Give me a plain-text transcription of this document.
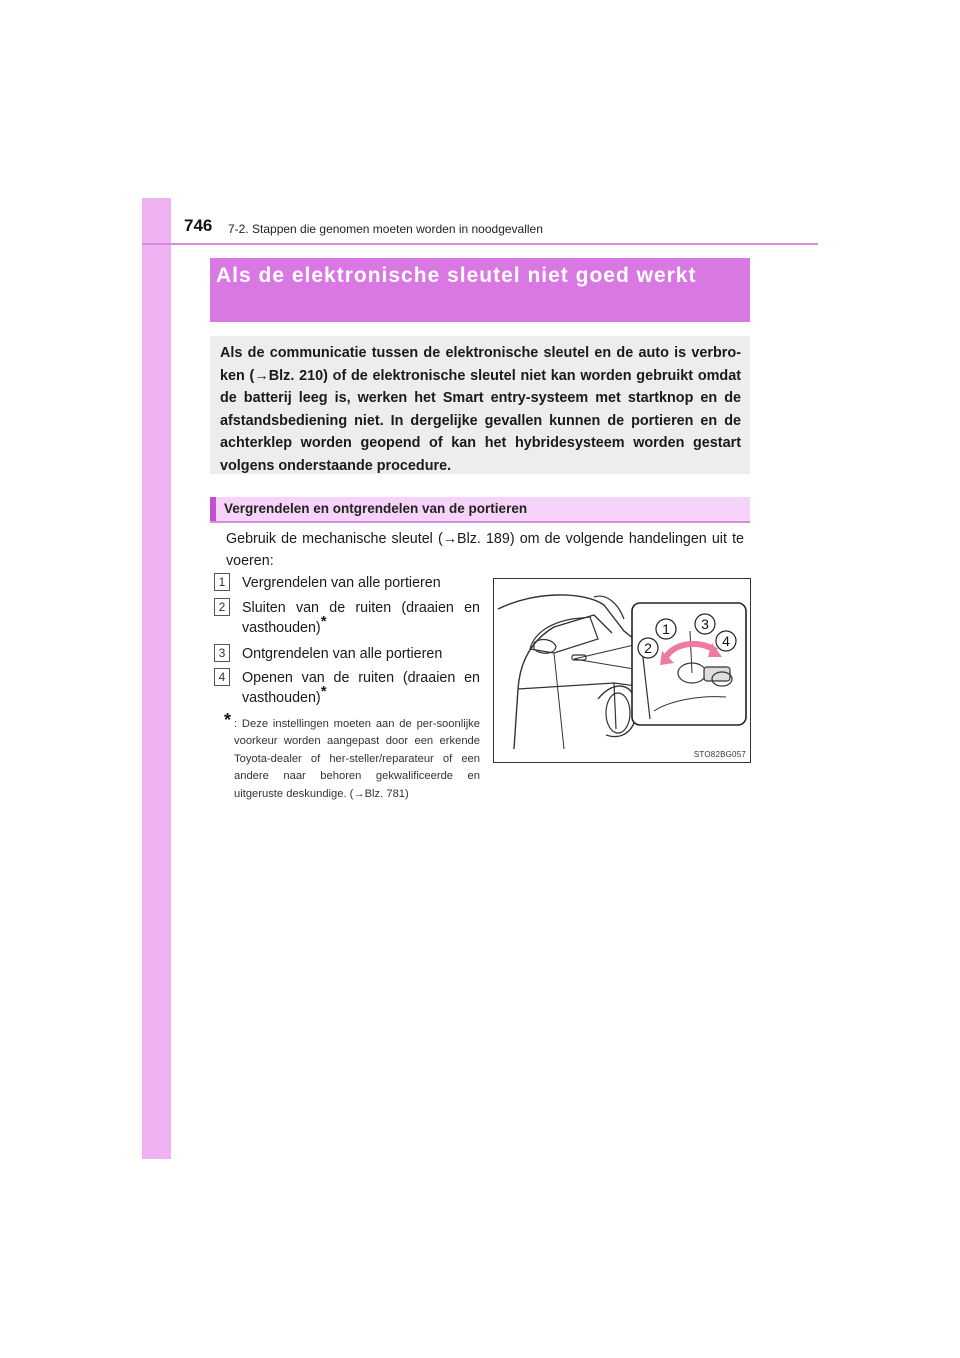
746 7-2. Stappen die genomen moeten worden in noodgevallen
Als de elektronische sleutel niet goed werkt
Als de communicatie tussen de elektronische sleutel en de auto is verbro-ken (→Blz. 210) of de elektronische sleutel niet kan worden gebruikt omdat de batterij leeg is, werken het Smart entry-systeem met startknop en de afstandsbediening niet. In dergelijke gevallen kunnen de portieren en de achterklep worden geopend of kan het hybridesysteem worden gestart volgens onderstaande procedure.
Vergrendelen en ontgrendelen van de portieren
Gebruik de mechanische sleutel (→Blz. 189) om de volgende handelingen uit te voeren:
1	Vergrendelen van alle portieren
2	Sluiten van de ruiten (draaien en vasthouden)*
3	Ontgrendelen van alle portieren
4	Openen van de ruiten (draaien en vasthouden)*
* : Deze instellingen moeten aan de per-soonlijke voorkeur worden aangepast door een erkende Toyota-dealer of her-steller/reparateur of een andere naar behoren gekwalificeerde en uitgeruste deskundige. (→Blz. 781)
1
2
3
4
STO82BG057
